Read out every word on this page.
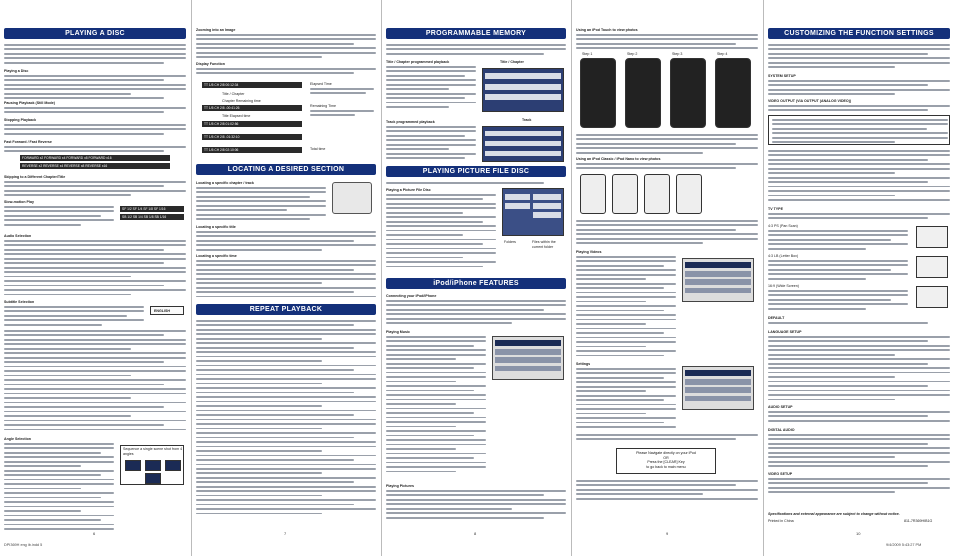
PLAYING A DISC
Playing a Disc
Pausing Playback (Still Mode)
Stopping Playback
Fast Forward / Fast Reverse
FORWARD x2 FORWARD x4 FORWARD x8 FORWARD x16
REVERSE x2 REVERSE x4 REVERSE x8 REVERSE x16
Skipping to a Different Chapter/Title
Slow-motion Play
SF 1/2 SF 1/4 SF 1/8 SF 1/16
SB 1/2 SB 1/4 SB 1/8 SB 1/16
Audio Selection
Subtitle Selection
ENGLISH
Angle Selection
Sequence a single scene shot from 4 angles
6
DPI369H eng ib.indd 5
Zooming into an Image
Display Function
TT 1/5 CH 2/8 00:12:34
Title / Chapter
Chapter Remaining time
TT 1/5 CH 2/8 -00:41:26
Title Elapsed time
TT 1/5 CH 2/8 01:02:56
TT 1/5 CH 2/8 -01:32:10
TT 1/5 CH 2/8 02:10:06
Elapsed Time
Remaining Time
Total time
LOCATING A DESIRED SECTION
Locating a specific chapter / track
Locating a specific title
Locating a specific time
REPEAT PLAYBACK
7
PROGRAMMABLE MEMORY
Title / Chapter programmed playback	Title / Chapter
Track programmed playback	Track
PLAYING PICTURE FILE DISC
Playing a Picture File Disc
Folders	Files within the current folder
iPod/iPhone FEATURES
Connecting your iPod/iPhone
Playing Music
Playing Pictures
8
Using an iPod Touch to view photos
Step 1	Step 2	Step 3	Step 4
Using an iPod Classic / iPod Nano to view photos
Playing Videos
Settings
Please Navigate directly on your iPod
OR
Press the [CLEAR] Key
to go back to main menu
9
CUSTOMIZING THE FUNCTION SETTINGS
SYSTEM SETUP
VIDEO OUTPUT (VIA OUTPUT (ANALOG VIDEO))
TV TYPE
4:3 PS (Pan Scan)
4:3 LB (Letter Box)
16:9 (Wide Screen)
DEFAULT
LANGUAGE SETUP
AUDIO SETUP
DIGITAL AUDIO
VIDEO SETUP
Specifications and external appearance are subject to change without notice.
Printed in China	811-7R369HIB1G
10
9/4/2009 5:43:27 PM
